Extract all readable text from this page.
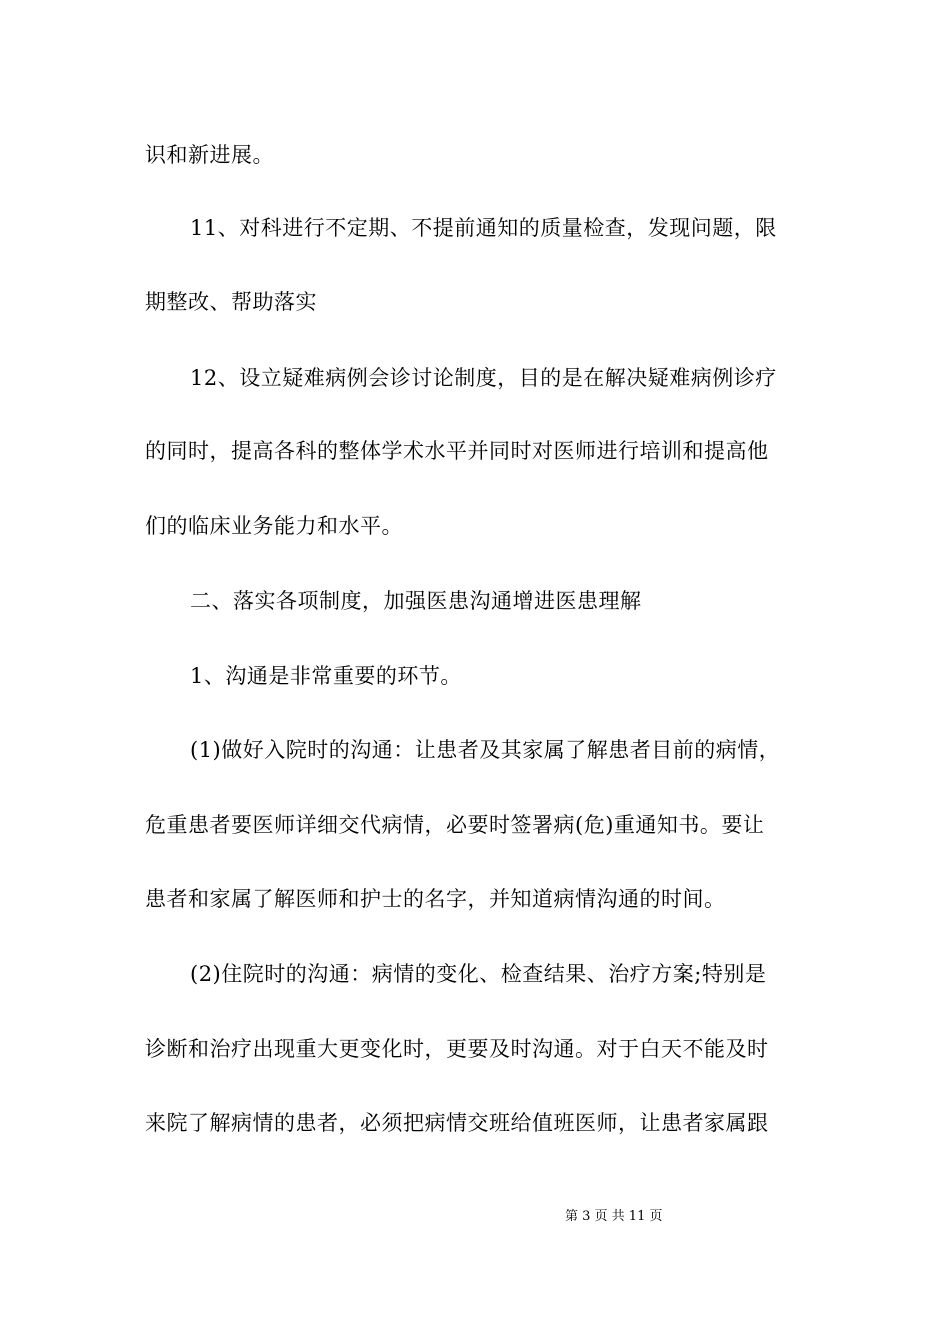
识和新进展。
11、对科进行不定期、不提前通知的质量检查，发现问题，限
期整改、帮助落实
12、设立疑难病例会诊讨论制度，目的是在解决疑难病例诊疗
的同时，提高各科的整体学术水平并同时对医师进行培训和提高他
们的临床业务能力和水平。
二、落实各项制度，加强医患沟通增进医患理解
1、沟通是非常重要的环节。
(1)做好入院时的沟通：让患者及其家属了解患者目前的病情，
危重患者要医师详细交代病情，必要时签署病(危)重通知书。要让
患者和家属了解医师和护士的名字，并知道病情沟通的时间。
(2)住院时的沟通：病情的变化、检查结果、治疗方案;特别是
诊断和治疗出现重大更变化时，更要及时沟通。对于白天不能及时
来院了解病情的患者，必须把病情交班给值班医师，让患者家属跟
第 3 页 共 11 页
